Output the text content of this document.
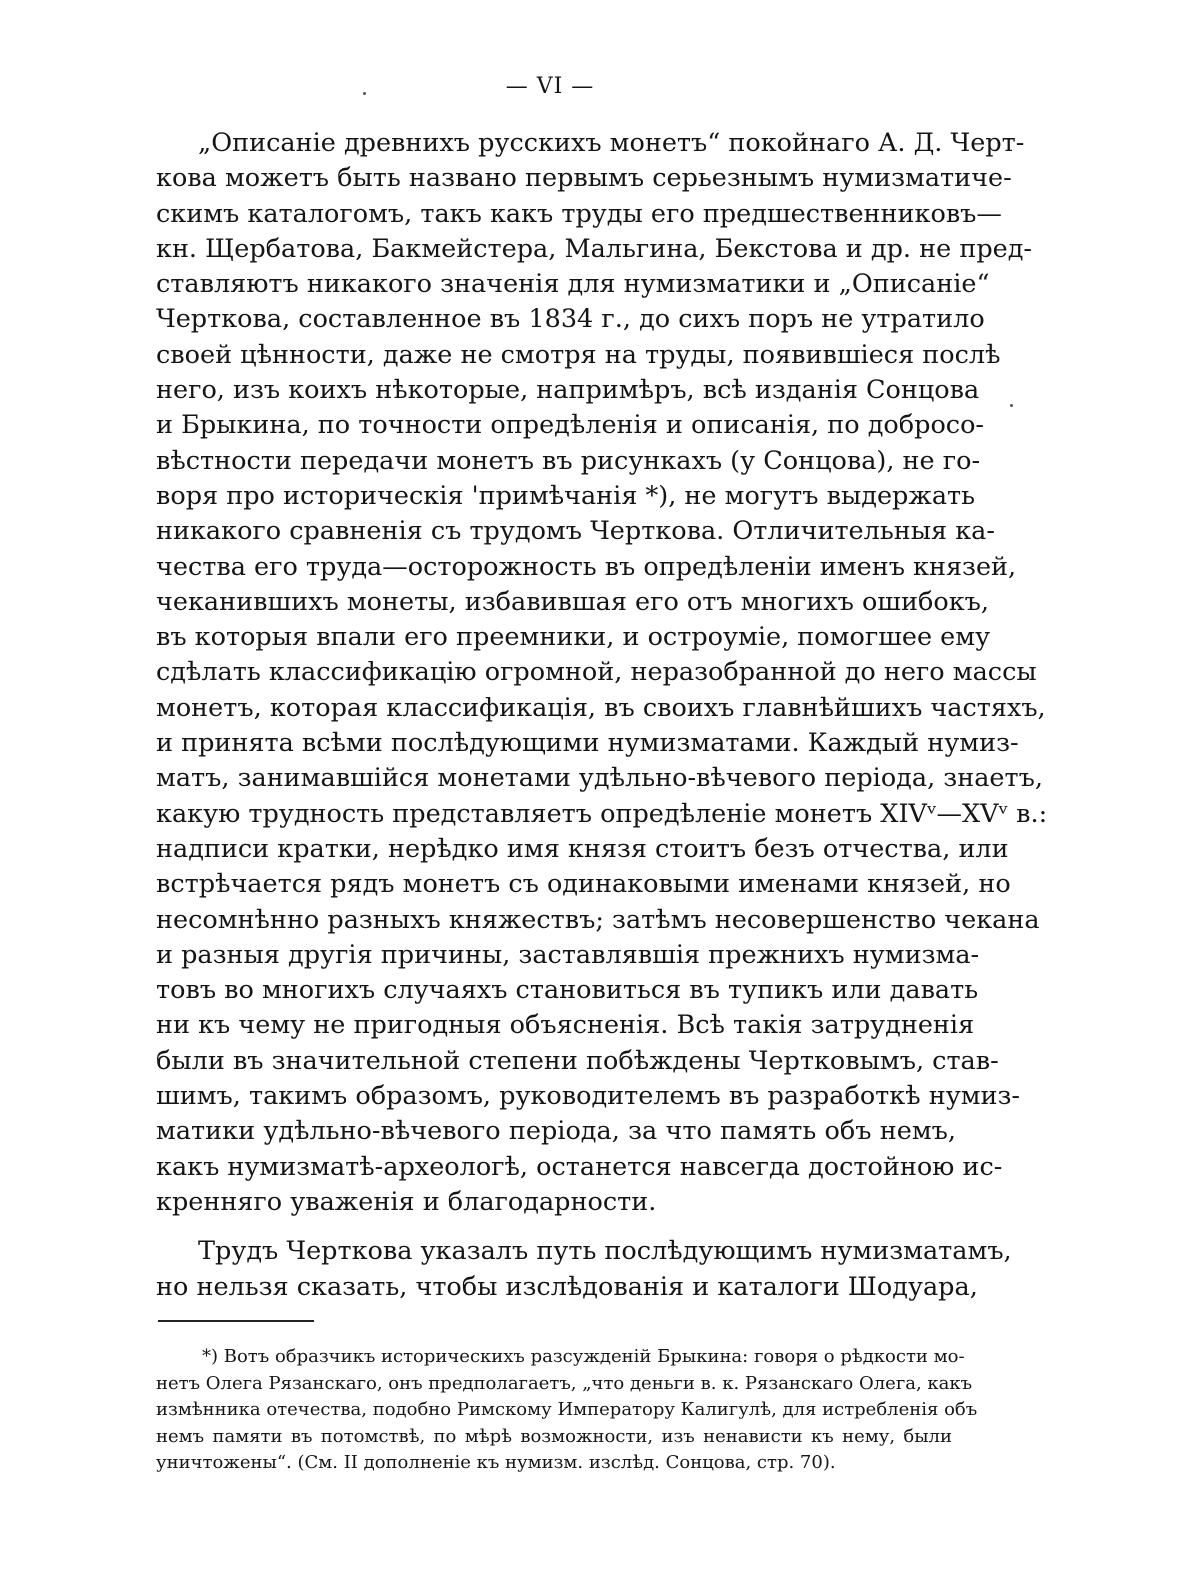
— VI —
„Описаніе древнихъ русскихъ монетъ“ покойнаго А. Д. Черт-
кова можетъ быть названо первымъ серьезнымъ нумизматичe-
скимъ каталогомъ, такъ какъ труды его предшественниковъ—
кн. Щербатова, Бакмейстера, Мальгина, Бекстова и др. не пред-
ставляютъ никакого значенія для нумизматики и „Описаніе“
Черткова, составленное въ 1834 г., до сихъ поръ не утратило
своей цѣнности, даже не смотря на труды, появившіеся послѣ
него, изъ коихъ нѣкоторые, напримѣръ, всѣ изданія Сонцова
и Брыкина, по точности опредѣленія и описанія, по добросо-
вѣстности передачи монетъ въ рисункахъ (у Сонцова), не го-
воря про историческія 'примѣчанія *), не могутъ выдержать
никакого сравненія съ трудомъ Черткова. Отличительныя ка-
чества его труда—осторожность въ опредѣленіи именъ князей,
чеканившихъ монеты, избавившая его отъ многихъ ошибокъ,
въ которыя впали его преемники, и остроуміе, помогшее ему
сдѣлать классификацію огромной, неразобранной до него массы
монетъ, которая классификація, въ своихъ главнѣйшихъ частяхъ,
и принята всѣми послѣдующими нумизматами. Каждый нумиз-
матъ, занимавшійся монетами удѣльно-вѣчевого періода, знаетъ,
какую трудность представляетъ опредѣленіе монетъ XIVᵛ—XVᵛ в.:
надписи кратки, нерѣдко имя князя стоитъ безъ отчества, или
встрѣчается рядъ монетъ съ одинаковыми именами князей, но
несомнѣнно разныхъ княжествъ; затѣмъ несовершенство чекана
и разныя другія причины, заставлявшія прежнихъ нумизма-
товъ во многихъ случаяхъ становиться въ тупикъ или давать
ни къ чему не пригодныя объясненія. Всѣ такія затрудненія
были въ значительной степени побѣждены Чертковымъ, став-
шимъ, такимъ образомъ, руководителемъ въ разработкѣ нумиз-
матики удѣльно-вѣчевого періода, за что память объ немъ,
какъ нумизматѣ-археологѣ, останется навсегда достойною ис-
кренняго уваженія и благодарности.
Трудъ Черткова указалъ путь послѣдующимъ нумизматамъ,
но нельзя сказать, чтобы изслѣдованія и каталоги Шодуара,
*) Вотъ образчикъ историческихъ разсужденій Брыкина: говоря о рѣдкости мо-
нетъ Олега Рязанскаго, онъ предполагаетъ, „что деньги в. к. Рязанскаго Олега, какъ
измѣнника отечества, подобно Римскому Императору Калигулѣ, для истребленія объ
немъ памяти въ потомствѣ, по мѣрѣ возможности, изъ ненависти къ нему, были
уничтожены“. (См. II дополненіе къ нумизм. изслѣд. Сонцова, стр. 70).
